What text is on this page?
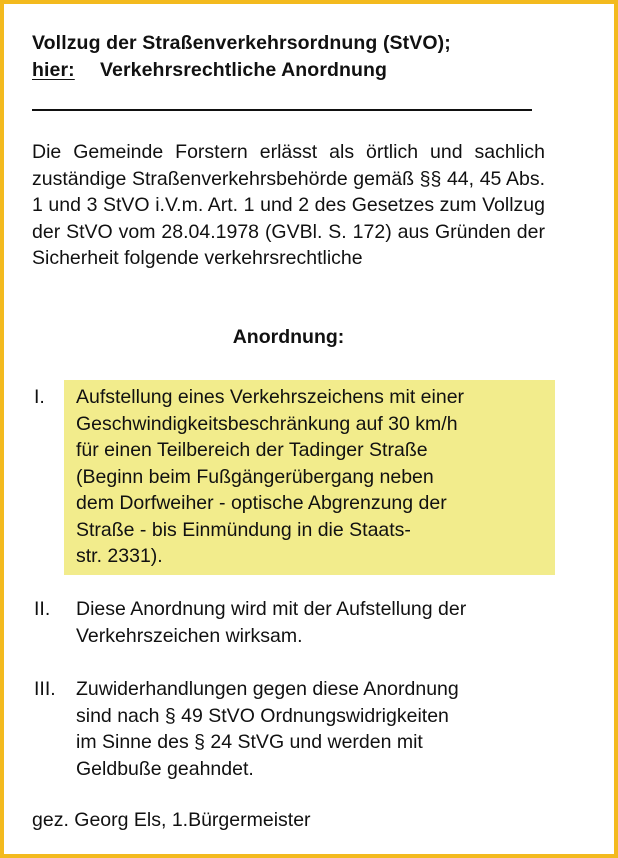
Vollzug der Straßenverkehrsordnung (StVO);
hier: Verkehrsrechtliche Anordnung
Die Gemeinde Forstern erlässt als örtlich und sachlich zuständige Straßenverkehrsbehörde gemäß §§ 44, 45 Abs. 1 und 3 StVO i.V.m. Art. 1 und 2 des Gesetzes zum Vollzug der StVO vom 28.04.1978 (GVBl. S. 172) aus Gründen der Sicherheit folgende verkehrsrechtliche
Anordnung:
I.	Aufstellung eines Verkehrszeichens mit einer
Geschwindigkeitsbeschränkung auf 30 km/h
für einen Teilbereich der Tadinger Straße
(Beginn beim Fußgängerübergang neben
dem Dorfweiher - optische Abgrenzung der
Straße - bis Einmündung in die Staats-
str. 2331).
II.	Diese Anordnung wird mit der Aufstellung der
Verkehrszeichen wirksam.
III.	Zuwiderhandlungen gegen diese Anordnung
sind nach § 49 StVO Ordnungswidrigkeiten
im Sinne des § 24 StVG und werden mit
Geldbuße geahndet.
gez. Georg Els, 1.Bürgermeister
